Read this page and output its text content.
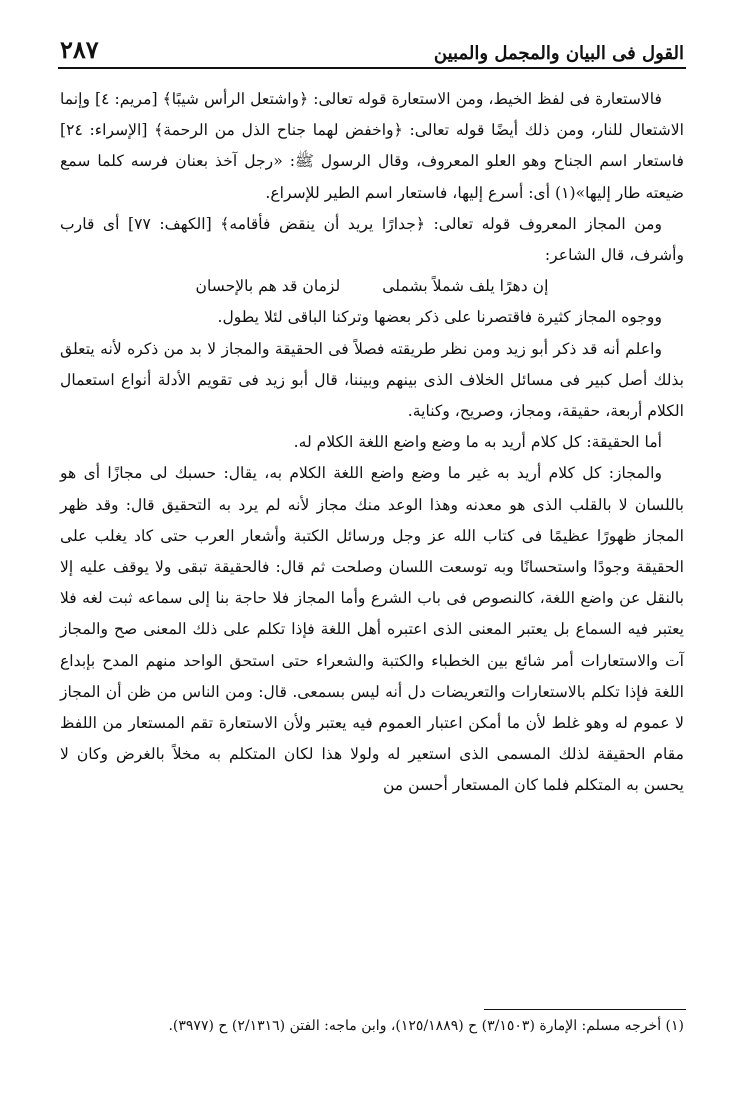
٢٨٧	القول فى البيان والمجمل والمبين

فالاستعارة فى لفظ الخيط، ومن الاستعارة قوله تعالى: ﴿واشتعل الرأس شيبًا﴾ [مريم: ٤] وإنما الاشتعال للنار، ومن ذلك أيضًا قوله تعالى: ﴿واخفض لهما جناح الذل من الرحمة﴾ [الإسراء: ٢٤] فاستعار اسم الجناح وهو العلو المعروف، وقال الرسول ﷺ: «رجل آخذ بعنان فرسه كلما سمع ضيعته طار إليها»(١) أى: أسرع إليها، فاستعار اسم الطير للإسراع.

ومن المجاز المعروف قوله تعالى: ﴿جدارًا يريد أن ينقض فأقامه﴾ [الكهف: ٧٧] أى قارب وأشرف، قال الشاعر:

إن دهرًا يلف شملاً بشملى
لزمان قد هم بالإحسان

ووجوه المجاز كثيرة فاقتصرنا على ذكر بعضها وتركنا الباقى لئلا يطول.

واعلم أنه قد ذكر أبو زيد ومن نظر طريقته فصلاً فى الحقيقة والمجاز لا بد من ذكره لأنه يتعلق بذلك أصل كبير فى مسائل الخلاف الذى بينهم وبيننا، قال أبو زيد فى تقويم الأدلة أنواع استعمال الكلام أربعة، حقيقة، ومجاز، وصريح، وكناية.

أما الحقيقة: كل كلام أريد به ما وضع واضع اللغة الكلام له.

والمجاز: كل كلام أريد به غير ما وضع واضع اللغة الكلام به، يقال: حسبك لى مجازًا أى هو باللسان لا بالقلب الذى هو معدنه وهذا الوعد منك مجاز لأنه لم يرد به التحقيق قال: وقد ظهر المجاز ظهورًا عظيمًا فى كتاب الله عز وجل ورسائل الكتبة وأشعار العرب حتى كاد يغلب على الحقيقة وجودًا واستحسانًا وبه توسعت اللسان وصلحت ثم قال: فالحقيقة تبقى ولا يوقف عليه إلا بالنقل عن واضع اللغة، كالنصوص فى باب الشرع وأما المجاز فلا حاجة بنا إلى سماعه ثبت لغه فلا يعتبر فيه السماع بل يعتبر المعنى الذى اعتبره أهل اللغة فإذا تكلم على ذلك المعنى صح والمجاز آت والاستعارات أمر شائع بين الخطباء والكتبة والشعراء حتى استحق الواحد منهم المدح بإبداع اللغة فإذا تكلم بالاستعارات والتعريضات دل أنه ليس بسمعى. قال: ومن الناس من ظن أن المجاز لا عموم له وهو غلط لأن ما أمكن اعتبار العموم فيه يعتبر ولأن الاستعارة تقم المستعار من اللفظ مقام الحقيقة لذلك المسمى الذى استعير له ولولا هذا لكان المتكلم به مخلاً بالغرض وكان لا يحسن به المتكلم فلما كان المستعار أحسن من

(١) أخرجه مسلم: الإمارة (٣/١٥٠٣) ح (١٢٥/١٨٨٩)، وابن ماجه: الفتن (٢/١٣١٦) ح (٣٩٧٧).
